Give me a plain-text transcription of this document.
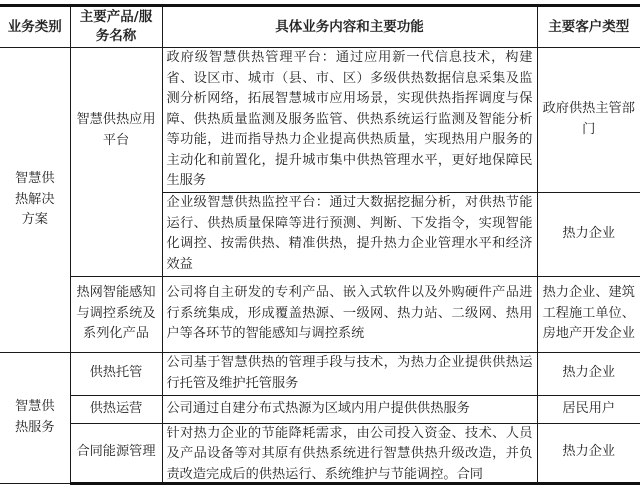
业务类别	主要产品/服务名称	具体业务内容和主要功能	主要客户类型
智慧供热解决方案	智慧供热应用平台	政府级智慧供热管理平台：通过应用新一代信息技术，构建省、设区市、城市（县、市、区）多级供热数据信息采集及监测分析网络，拓展智慧城市应用场景，实现供热指挥调度与保障、供热质量监测及服务监管、供热系统运行监测及智能分析等功能，进而指导热力企业提高供热质量，实现热用户服务的主动化和前置化，提升城市集中供热管理水平，更好地保障民生服务	政府供热主管部门
		企业级智慧供热监控平台：通过大数据挖掘分析，对供热节能运行、供热质量保障等进行预测、判断、下发指令，实现智能化调控、按需供热、精准供热，提升热力企业管理水平和经济效益	热力企业
	热网智能感知与调控系统及系列化产品	公司将自主研发的专利产品、嵌入式软件以及外购硬件产品进行系统集成，形成覆盖热源、一级网、热力站、二级网、热用户等各环节的智能感知与调控系统	热力企业、建筑工程施工单位、房地产开发企业
智慧供热服务	供热托管	公司基于智慧供热的管理手段与技术，为热力企业提供供热运行托管及维护托管服务	热力企业
	供热运营	公司通过自建分布式热源为区域内用户提供供热服务	居民用户
	合同能源管理	针对热力企业的节能降耗需求，由公司投入资金、技术、人员及产品设备等对其原有供热系统进行智慧供热升级改造，并负责改造完成后的供热运行、系统维护与节能调控。合同	热力企业
